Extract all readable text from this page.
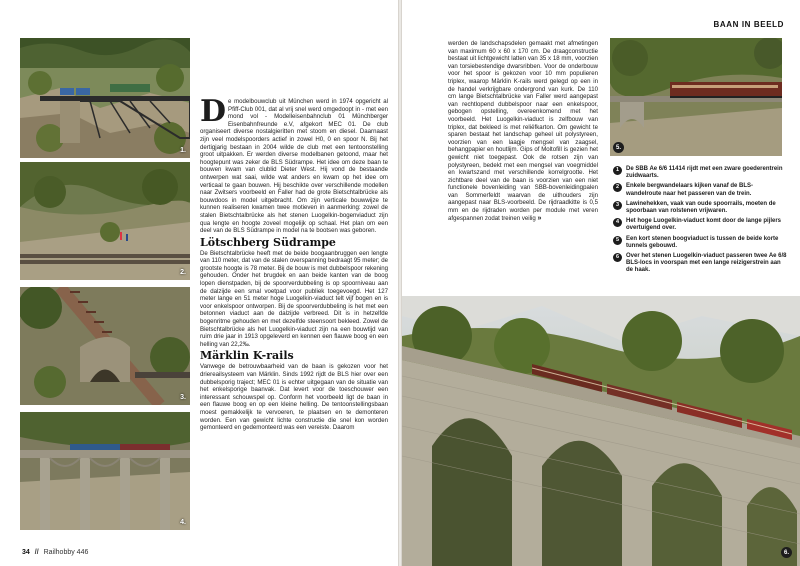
1.
2.
3.
4.

D e modelbouwclub uit München werd in 1974 opgericht al Pfiff-Club 001, dat al vrij snel werd omgedoopt in - met een mond vol - Modelleisenbahnclub 01 Münchberger Eisenbahnfreunde e.V, afgekort MEC 01. De club organiseert diverse nostalgieritten met stoom en diesel. Daarnaast zijn veel modelspoorders actief in zowel H0, 0 en spoor N. Bij het dertigjarig bestaan in 2004 wilde de club met een tentoonstelling groot uitpakken. Er werden diverse modelbanen getoond, maar het hoogtepunt was zeker de BLS Südrampe. Het idee om deze baan te bouwen kwam van clublid Dieter West. Hij vond de bestaande ontwerpen wat saai, wilde wat anders en kwam op het idee om verticaal te gaan bouwen. Hij beschikte over verschillende modellen naar Zwitsers voorbeeld en Faller had de grote Bietschtalbrücke als bouwdoos in model uitgebracht. Om zijn verticale bouwwijze te kunnen realiseren kwamen twee motieven in aanmerking: zowel de stalen Bietschtalbrücke als het stenen Luogelkin-bogenviaduct zijn qua lengte en hoogte zoveel mogelijk op schaal. Het plan om een deel van de BLS Südrampe in model na te bootsen was geboren.

Lötschberg Südrampe

De Bietschtalbrücke heeft met de beide boogaanbruggen een lengte van 110 meter, dat van de stalen overspanning bedraagt 95 meter; de grootste hoogte is 78 meter. Bij de bouw is met dubbelspoor rekening gehouden. Onder het brugdek en aan beide kanten van de boog lopen dienstpaden, bij de spoorverdubbeling is op spoorniveau aan de dalzijde een smal voetpad voor publiek toegevoegd. Het 127 meter lange en 51 meter hoge Luogelkin-viaduct telt vijf bogen en is voor enkelspoor ontworpen. Bij de spoorverdubbeling is het met een betonnen viaduct aan de dalzijde verbreed. Dit is in hetzelfde bogenritme gehouden en met dezelfde steensoort bekleed. Zowel de Bietschtalbrücke als het Luogelkin-viaduct zijn na een bouwtijd van ruim drie jaar in 1913 opgeleverd en kennen een flauwe boog en een helling van 22,2‰.

Märklin K-rails

Vanwege de betrouwbaarheid van de baan is gekozen voor het driereailsysteem van Märklin. Sinds 1992 rijdt de BLS hier over een dubbelsporig traject; MEC 01 is echter uitgegaan van de situatie van het enkelsporige baanvak. Dat levert voor de toeschouwer een interessant schouwspel op. Conform het voorbeeld ligt de baan in een flauwe boog en op een kleine helling. De tentoonstellingsbaan moest gemakkelijk te vervoeren, te plaatsen en te demonteren worden. Een van gewicht lichte constructie die snel kon worden gemonteerd en gedemonteerd was een vereiste. Daarom

34 // Railhobby 446
BAAN IN BEELD

werden de landschapsdelen gemaakt met afmetingen van maximum 60 x 60 x 170 cm. De draagconstructie bestaat uit lichtgewicht latten van 35 x 18 mm, voorzien van torsiebestendige dwarsribben. Voor de onderbouw voor het spoor is gekozen voor 10 mm populieren triplex, waarop Märklin K-rails werd gelegd op een in de handel verkrijgbare ondergrond van kurk. De 110 cm lange Bietschtalbrücke van Faller werd aangepast van rechtlopend dubbelspoor naar een enkelspoor, gebogen opstelling, overeenkomend met het voorbeeld. Het Luogelkin-viaduct is zelfbouw van triplex, dat bekleed is met reliëfkarton. Om gewicht te sparen bestaat het landschap geheel uit polystyreen, voorzien van een laagje mengsel van zaagsel, behangpapier en houtlijm. Gips of Moltofill is gezien het gewicht niet toegepast. Ook de rotsen zijn van polystyreen, bedekt met een mengsel van voegmiddel en kwartszand met verschillende korrelgrootte. Het zichtbare deel van de baan is voorzien van een niet functionele bovenleiding van SBB-bovenleidingpalen van Sommerfeldt waarvan de uithouders zijn aangepast naar BLS-voorbeeld. De rijdraadkitte is 0,5 mm en de rijdraden worden per module met veren afgespannen zodat treinen veilig »

5.
1	De SBB Ae 6/6 11414 rijdt met een zware goederentrein zuidwaarts.
2	Enkele bergwandelaars kijken vanaf de BLS-wandelroute naar het passeren van de trein.
3	Lawinehekken, vaak van oude spoorrails, moeten de spoorbaan van rolstenen vrijwaren.
4	Het hoge Luogelkin-viaduct komt door de lange pijlers overtuigend over.
5	Een kort stenen boogviaduct is tussen de beide korte tunnels gebouwd.
6	Over het stenen Luogelkin-viaduct passeren twee Ae 6/8 BLS-locs in voorspan met een lange reizigerstrein aan de haak.
6.
